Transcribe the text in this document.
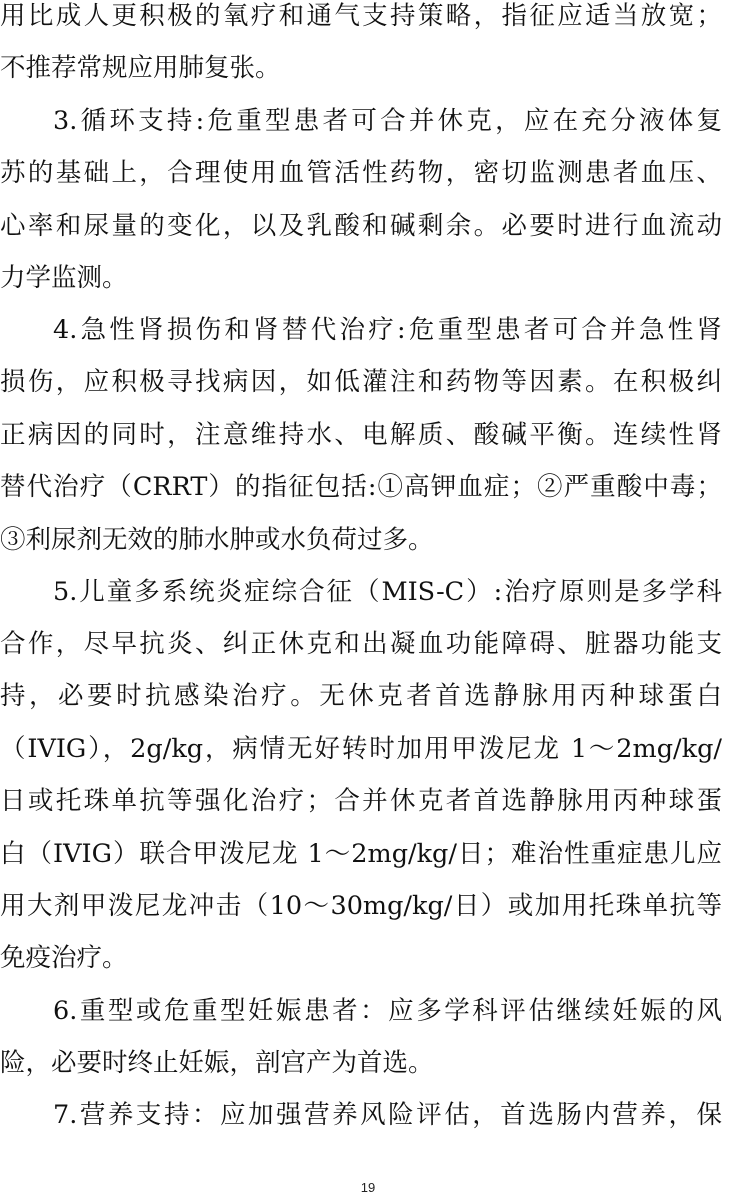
用比成人更积极的氧疗和通气支持策略，指征应适当放宽；
不推荐常规应用肺复张。
3.循环支持:危重型患者可合并休克，应在充分液体复
苏的基础上，合理使用血管活性药物，密切监测患者血压、
心率和尿量的变化，以及乳酸和碱剩余。必要时进行血流动
力学监测。
4.急性肾损伤和肾替代治疗:危重型患者可合并急性肾
损伤，应积极寻找病因，如低灌注和药物等因素。在积极纠
正病因的同时，注意维持水、电解质、酸碱平衡。连续性肾
替代治疗（CRRT）的指征包括:①高钾血症；②严重酸中毒；
③利尿剂无效的肺水肿或水负荷过多。
5.儿童多系统炎症综合征（MIS-C）:治疗原则是多学科
合作，尽早抗炎、纠正休克和出凝血功能障碍、脏器功能支
持，必要时抗感染治疗。无休克者首选静脉用丙种球蛋白
（IVIG），2g/kg，病情无好转时加用甲泼尼龙 1～2mg/kg/
日或托珠单抗等强化治疗；合并休克者首选静脉用丙种球蛋
白（IVIG）联合甲泼尼龙 1～2mg/kg/日；难治性重症患儿应
用大剂甲泼尼龙冲击（10～30mg/kg/日）或加用托珠单抗等
免疫治疗。
6.重型或危重型妊娠患者：应多学科评估继续妊娠的风
险，必要时终止妊娠，剖宫产为首选。
7.营养支持：应加强营养风险评估，首选肠内营养，保
19
